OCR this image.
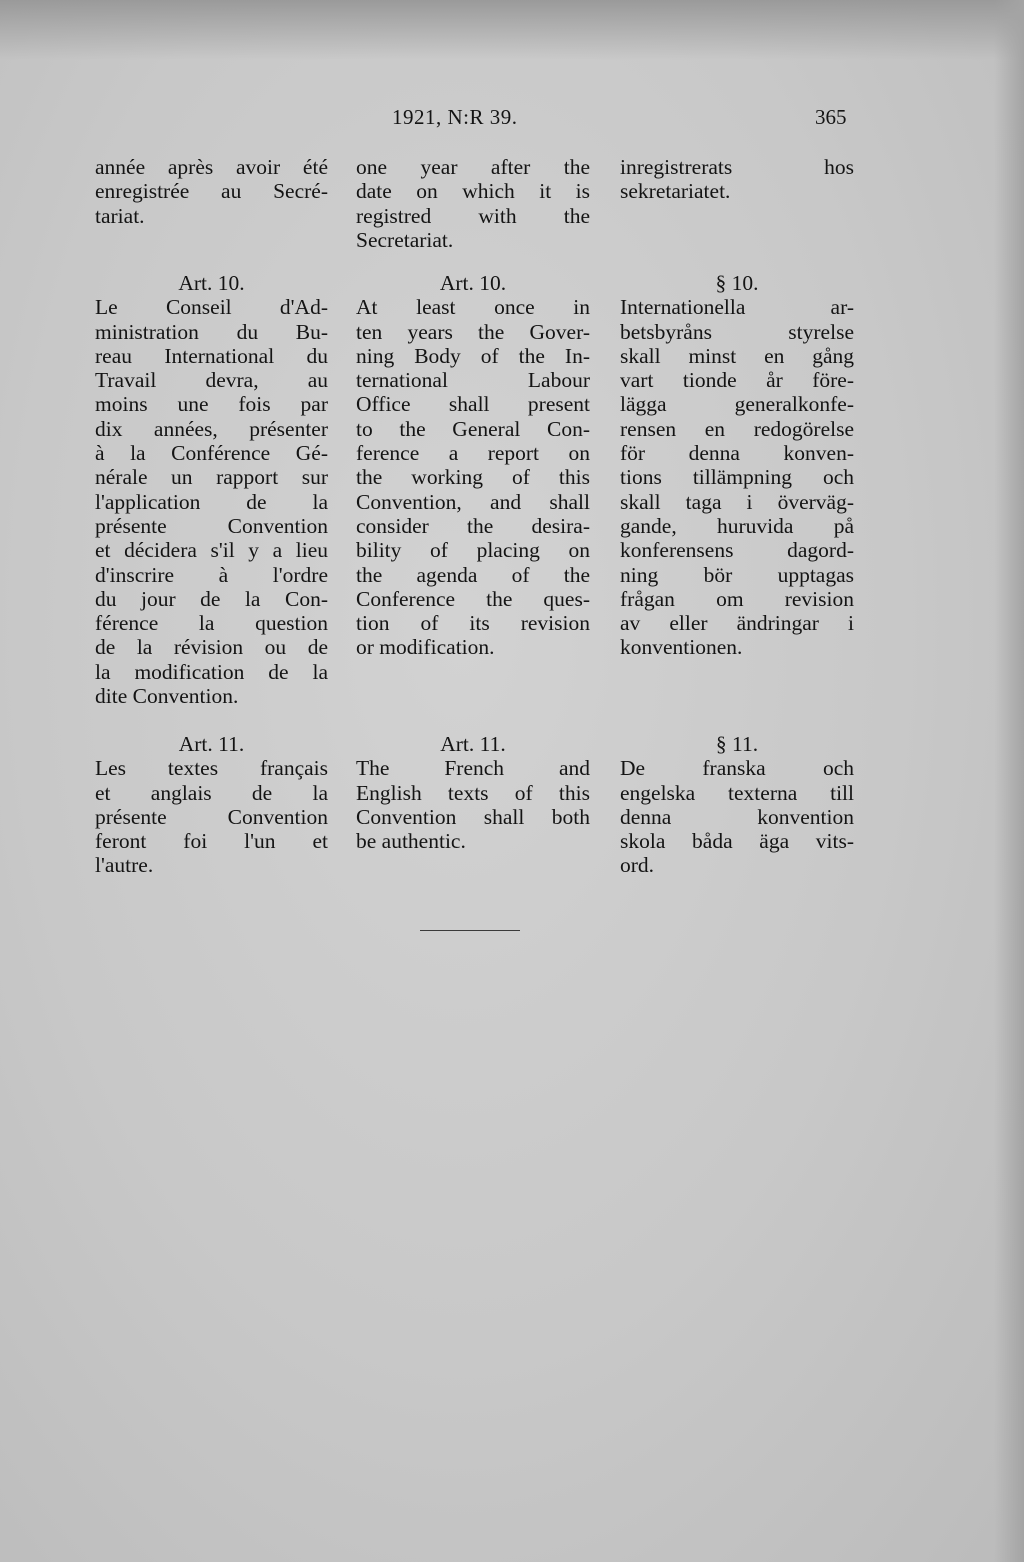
1921, N:R 39.	365
année après avoir été
enregistrée au Secré-
tariat.

Art. 10.

Le Conseil d'Ad-
ministration du Bu-
reau International du
Travail devra, au
moins une fois par
dix années, présenter
à la Conférence Gé-
nérale un rapport sur
l'application de la
présente Convention
et décidera s'il y a lieu
d'inscrire à l'ordre
du jour de la Con-
férence la question
de la révision ou de
la modification de la
dite Convention.

Art. 11.

Les textes français
et anglais de la
présente Convention
feront foi l'un et
l'autre.
one year after the
date on which it is
registred with the
Secretariat.

Art. 10.

At least once in
ten years the Gover-
ning Body of the In-
ternational Labour
Office shall present
to the General Con-
ference a report on
the working of this
Convention, and shall
consider the desira-
bility of placing on
the agenda of the
Conference the ques-
tion of its revision
or modification.

Art. 11.

The French and
English texts of this
Convention shall both
be authentic.
inregistrerats hos
sekretariatet.

§ 10.

Internationella ar-
betsbyråns styrelse
skall minst en gång
vart tionde år före-
lägga generalkonfe-
rensen en redogörelse
för denna konven-
tions tillämpning och
skall taga i överväg-
gande, huruvida på
konferensens dagord-
ning bör upptagas
frågan om revision
av eller ändringar i
konventionen.

§ 11.

De franska och
engelska texterna till
denna konvention
skola båda äga vits-
ord.
